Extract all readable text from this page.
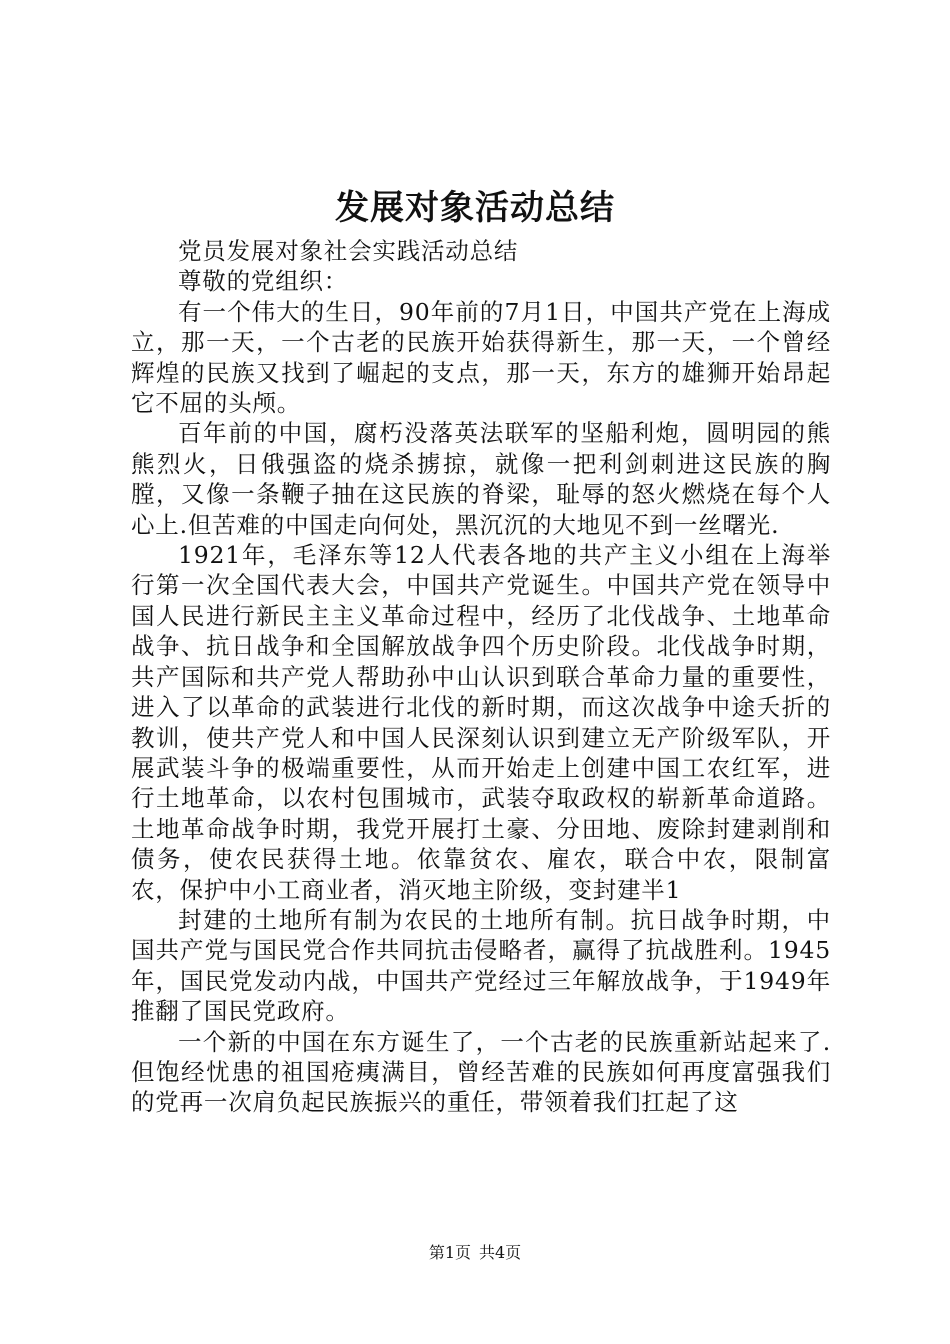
发展对象活动总结

党员发展对象社会实践活动总结

尊敬的党组织：

有一个伟大的生日，90年前的7月1日，中国共产党在上海成立，那一天，一个古老的民族开始获得新生，那一天，一个曾经辉煌的民族又找到了崛起的支点，那一天，东方的雄狮开始昂起它不屈的头颅。

百年前的中国，腐朽没落英法联军的坚船利炮，圆明园的熊熊烈火，日俄强盗的烧杀掳掠，就像一把利剑刺进这民族的胸膛，又像一条鞭子抽在这民族的脊梁，耻辱的怒火燃烧在每个人心上.但苦难的中国走向何处，黑沉沉的大地见不到一丝曙光.

1921年，毛泽东等12人代表各地的共产主义小组在上海举行第一次全国代表大会，中国共产党诞生。中国共产党在领导中国人民进行新民主主义革命过程中，经历了北伐战争、土地革命战争、抗日战争和全国解放战争四个历史阶段。北伐战争时期，共产国际和共产党人帮助孙中山认识到联合革命力量的重要性，进入了以革命的武装进行北伐的新时期，而这次战争中途夭折的教训，使共产党人和中国人民深刻认识到建立无产阶级军队，开展武装斗争的极端重要性，从而开始走上创建中国工农红军，进行土地革命，以农村包围城市，武装夺取政权的崭新革命道路。土地革命战争时期，我党开展打土豪、分田地、废除封建剥削和债务，使农民获得土地。依靠贫农、雇农，联合中农，限制富农，保护中小工商业者，消灭地主阶级，变封建半1

封建的土地所有制为农民的土地所有制。抗日战争时期，中国共产党与国民党合作共同抗击侵略者，赢得了抗战胜利。1945年，国民党发动内战，中国共产党经过三年解放战争，于1949年推翻了国民党政府。

一个新的中国在东方诞生了，一个古老的民族重新站起来了.但饱经忧患的祖国疮痍满目，曾经苦难的民族如何再度富强我们的党再一次肩负起民族振兴的重任，带领着我们扛起了这

第1页 共4页
